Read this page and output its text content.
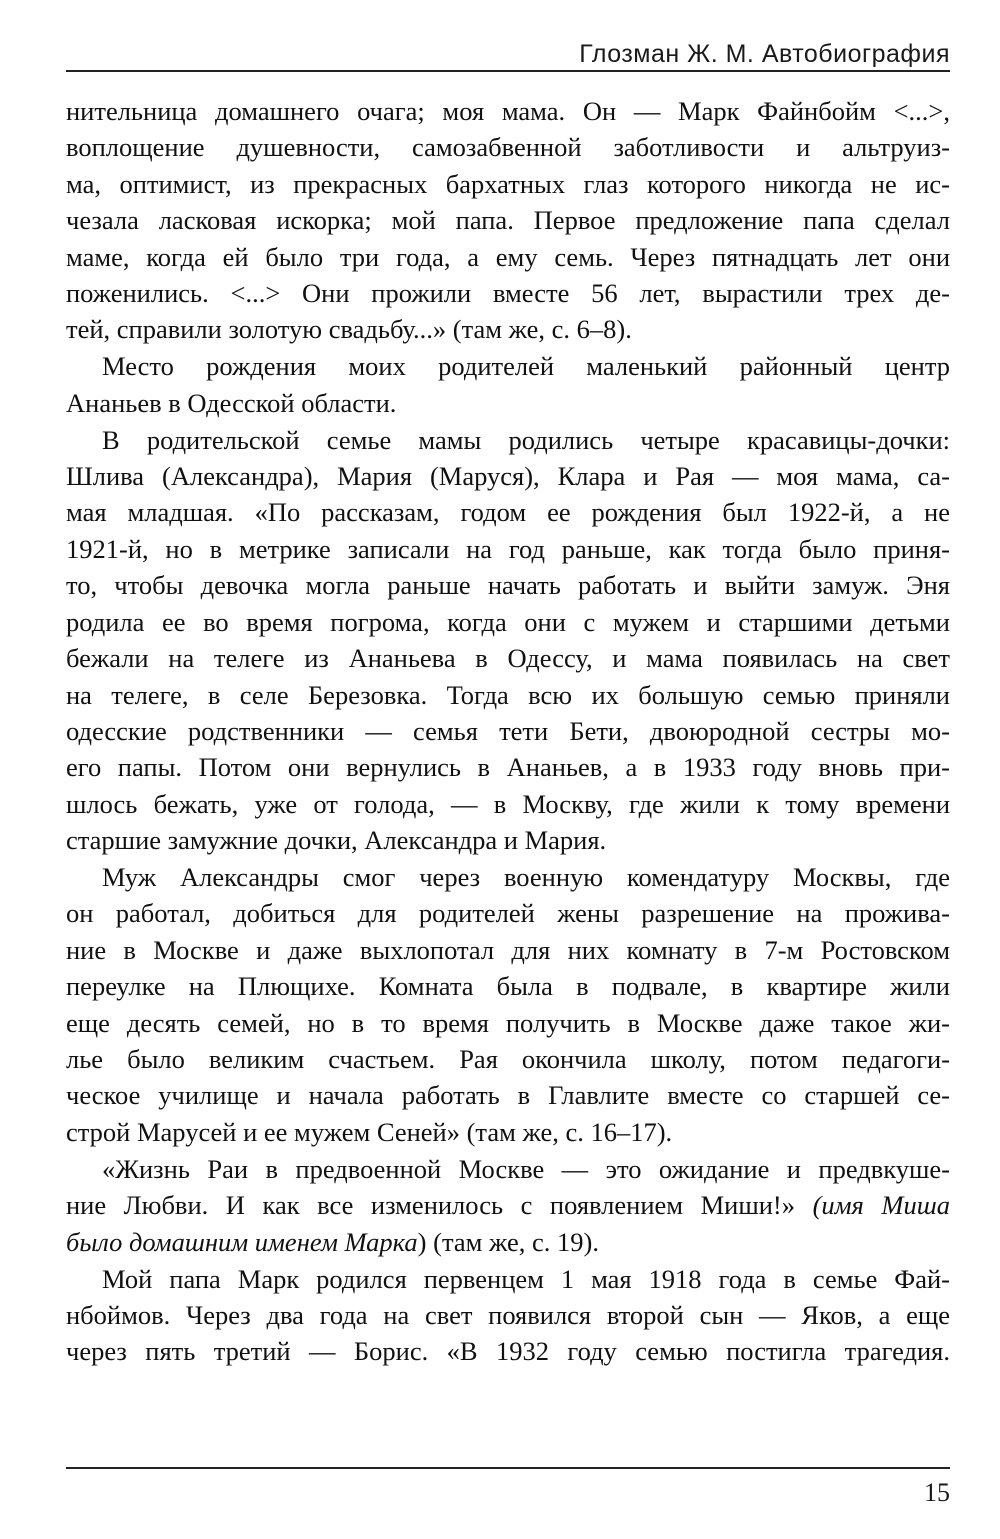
Глозман Ж. М. Автобиография
нительница домашнего очага; моя мама. Он — Марк Файнбойм <...>,
воплощение душевности, самозабвенной заботливости и альтруиз-
ма, оптимист, из прекрасных бархатных глаз которого никогда не ис-
чезала ласковая искорка; мой папа. Первое предложение папа сделал
маме, когда ей было три года, а ему семь. Через пятнадцать лет они
поженились. <...> Они прожили вместе 56 лет, вырастили трех де-
тей, справили золотую свадьбу...» (там же, с. 6–8).
Место рождения моих родителей маленький районный центр
Ананьев в Одесской области.
В родительской семье мамы родились четыре красавицы-дочки:
Шлива (Александра), Мария (Маруся), Клара и Рая — моя мама, са-
мая младшая. «По рассказам, годом ее рождения был 1922-й, а не
1921-й, но в метрике записали на год раньше, как тогда было приня-
то, чтобы девочка могла раньше начать работать и выйти замуж. Эня
родила ее во время погрома, когда они с мужем и старшими детьми
бежали на телеге из Ананьева в Одессу, и мама появилась на свет
на телеге, в селе Березовка. Тогда всю их большую семью приняли
одесские родственники — семья тети Бети, двоюродной сестры мо-
его папы. Потом они вернулись в Ананьев, а в 1933 году вновь при-
шлось бежать, уже от голода, — в Москву, где жили к тому времени
старшие замужние дочки, Александра и Мария.
Муж Александры смог через военную комендатуру Москвы, где
он работал, добиться для родителей жены разрешение на прожива-
ние в Москве и даже выхлопотал для них комнату в 7-м Ростовском
переулке на Плющихе. Комната была в подвале, в квартире жили
еще десять семей, но в то время получить в Москве даже такое жи-
лье было великим счастьем. Рая окончила школу, потом педагоги-
ческое училище и начала работать в Главлите вместе со старшей се-
строй Марусей и ее мужем Сеней» (там же, с. 16–17).
«Жизнь Раи в предвоенной Москве — это ожидание и предвкуше-
ние Любви. И как все изменилось с появлением Миши!» (имя Миша
было домашним именем Марка) (там же, с. 19).
Мой папа Марк родился первенцем 1 мая 1918 года в семье Фай-
нбоймов. Через два года на свет появился второй сын — Яков, а еще
через пять третий — Борис. «В 1932 году семью постигла трагедия.
15
